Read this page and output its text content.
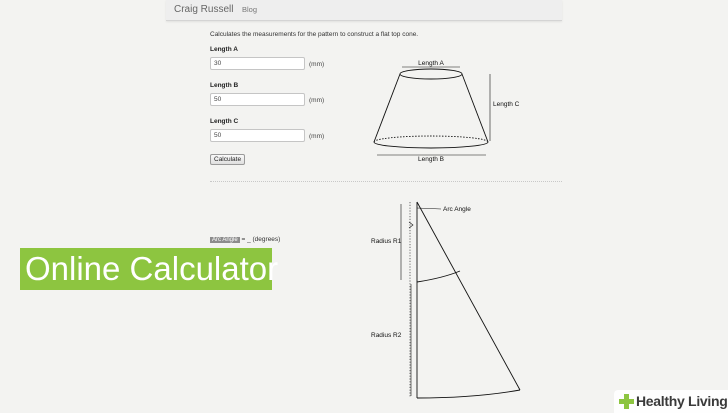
Craig Russell Blog
Calculates the measurements for the pattern to construct a flat top cone.
Length A
30
(mm)
Length B
50
(mm)
Length C
50
(mm)
Calculate
Arc Angle = _ (degrees)
Length A
Length B
Length C
Arc Angle
Radius R1
Radius R2
Online Calculator
Healthy Living
